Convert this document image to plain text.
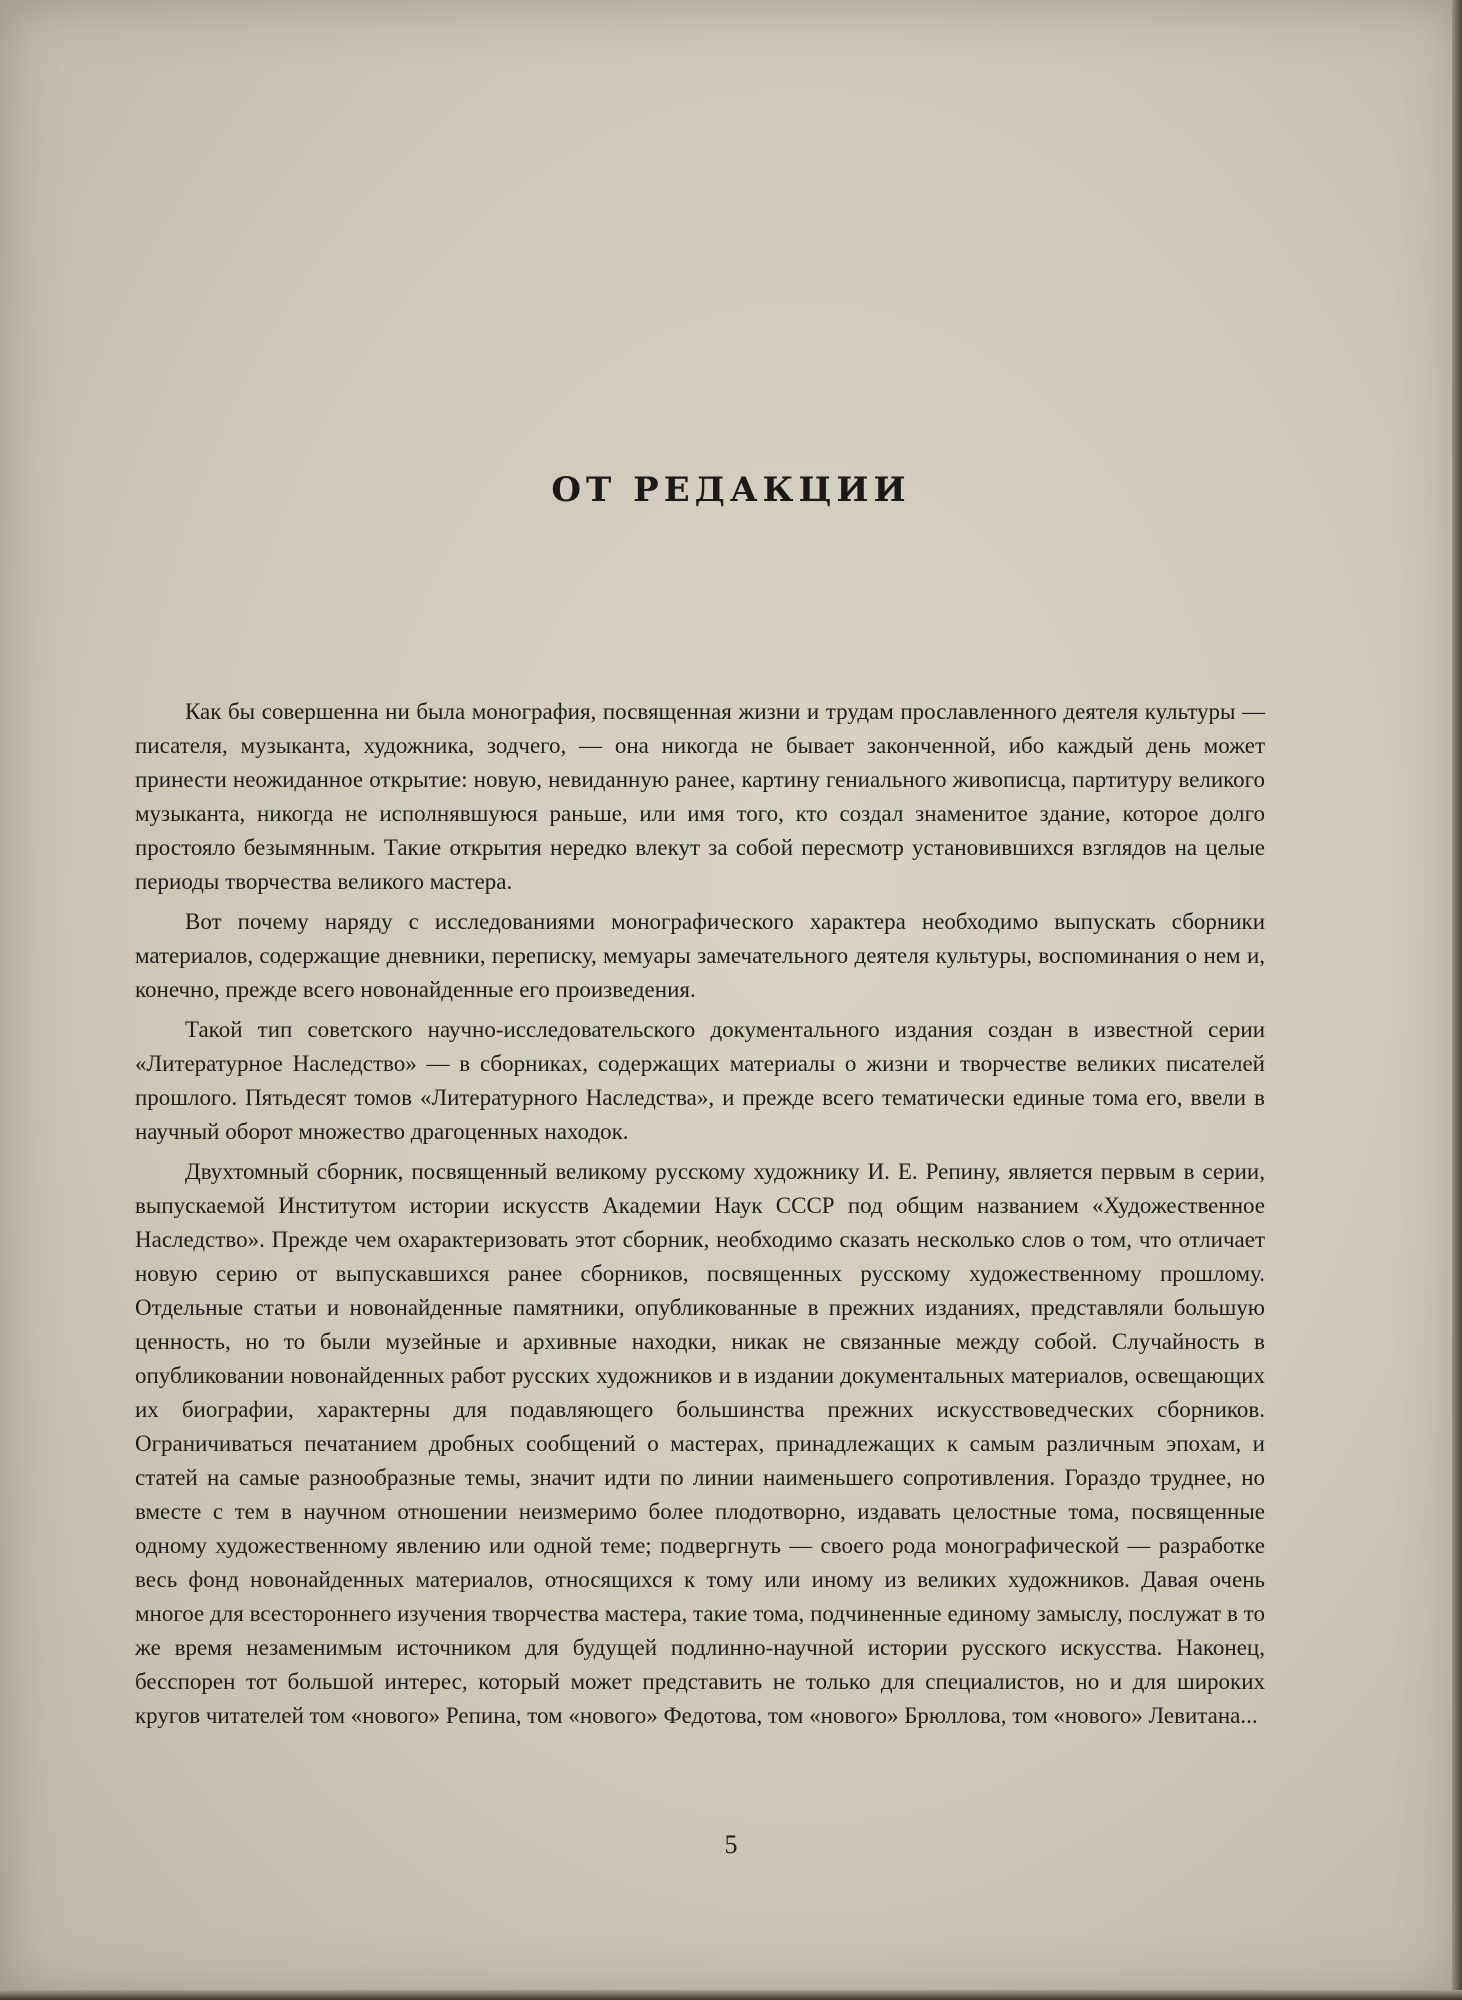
ОТ РЕДАКЦИИ

Как бы совершенна ни была монография, посвященная жизни и трудам прославленного деятеля культуры — писателя, музыканта, художника, зодчего, — она никогда не бывает законченной, ибо каждый день может принести неожиданное открытие: новую, невиданную ранее, картину гениального живописца, партитуру великого музыканта, никогда не исполнявшуюся раньше, или имя того, кто создал знаменитое здание, которое долго простояло безымянным. Такие открытия нередко влекут за собой пересмотр установившихся взглядов на целые периоды творчества великого мастера.

Вот почему наряду с исследованиями монографического характера необходимо выпускать сборники материалов, содержащие дневники, переписку, мемуары замечательного деятеля культуры, воспоминания о нем и, конечно, прежде всего новонайденные его произведения.

Такой тип советского научно-исследовательского документального издания создан в известной серии «Литературное Наследство» — в сборниках, содержащих материалы о жизни и творчестве великих писателей прошлого. Пятьдесят томов «Литературного Наследства», и прежде всего тематически единые тома его, ввели в научный оборот множество драгоценных находок.

Двухтомный сборник, посвященный великому русскому художнику И. Е. Репину, является первым в серии, выпускаемой Институтом истории искусств Академии Наук СССР под общим названием «Художественное Наследство». Прежде чем охарактеризовать этот сборник, необходимо сказать несколько слов о том, что отличает новую серию от выпускавшихся ранее сборников, посвященных русскому художественному прошлому. Отдельные статьи и новонайденные памятники, опубликованные в прежних изданиях, представляли большую ценность, но то были музейные и архивные находки, никак не связанные между собой. Случайность в опубликовании новонайденных работ русских художников и в издании документальных материалов, освещающих их биографии, характерны для подавляющего большинства прежних искусствоведческих сборников. Ограничиваться печатанием дробных сообщений о мастерах, принадлежащих к самым различным эпохам, и статей на самые разнообразные темы, значит идти по линии наименьшего сопротивления. Гораздо труднее, но вместе с тем в научном отношении неизмеримо более плодотворно, издавать целостные тома, посвященные одному художественному явлению или одной теме; подвергнуть — своего рода монографической — разработке весь фонд новонайденных материалов, относящихся к тому или иному из великих художников. Давая очень многое для всестороннего изучения творчества мастера, такие тома, подчиненные единому замыслу, послужат в то же время незаменимым источником для будущей подлинно-научной истории русского искусства. Наконец, бесспорен тот большой интерес, который может представить не только для специалистов, но и для широких кругов читателей том «нового» Репина, том «нового» Федотова, том «нового» Брюллова, том «нового» Левитана...

5
